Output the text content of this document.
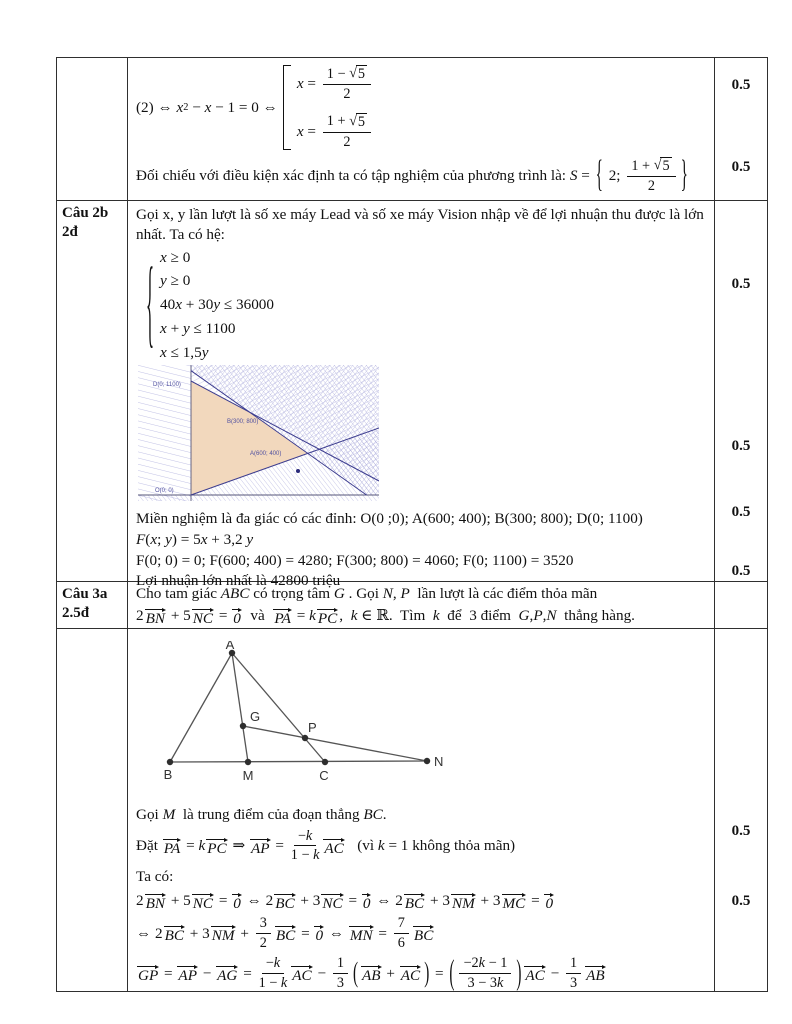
(2) ⇔ x 2 − x − 1 = 0 ⇔
$x = \frac{1 - √ 5}{2}$
$x = \frac{1 + √ 5}{2}$
Đối chiếu với điều kiện xác định ta có tập nghiệm của phương trình là: S = { 2; $\frac{1 + √ 5}{2}$ }
0.5
0.5
Câu 2b
2đ
Gọi x, y lần lượt là số xe máy Lead và số xe máy Vision nhập về để lợi nhuận thu được là lớn nhất. Ta có hệ:
{ x ≥ 0
y ≥ 0
40 x + 30 y ≤ 36000
x + y ≤ 1100
x ≤ 1,5 y
D(0; 1100)
B(300; 800)
A(600; 400)
O(0; 0)
Miền nghiệm là đa giác có các đỉnh: O(0 ;0); A(600; 400); B(300; 800); D(0; 1100)
F ( x ; y ) = 5 x + 3,2 y
F(0; 0) = 0; F(600; 400) = 4280; F(300; 800) = 4060; F(0; 1100) = 3520
Lợi nhuận lớn nhất là 42800 triệu
0.5
0.5
0.5
0.5
Câu 3a
2.5đ
Cho tam giác ABC có trọng tâm G . Gọi N , P lần lượt là các điểm thỏa mãn
2 BN + 5 NC = 0 và PA = k PC , k ∈ ℝ.  Tìm k để  3 điểm G , P , N thẳng hàng.
A
B	M	C
N
G
P
Gọi M là trung điểm của đoạn thẳng BC .
Đặt PA = k PC ⇒ AP = $\frac{- k}{1 - k}$ AC (vì k = 1 không thỏa mãn)
Ta có:
2 BN + 5 NC = 0 ⇔ 2 BC + 3 NC = 0 ⇔ 2 BC + 3 NM + 3 MC = 0
⇔ 2 BC + 3 NM + $\frac{3}{2}$ BC = 0 ⇔ MN = $\frac{7}{6}$ BC
GP = AP − AG = $\frac{- k}{1 - k}$ AC − $\frac{1}{3}$ ( AB + AC ) = ( $\frac{-2 k - 1}{3 - 3 k}$ ) AC − $\frac{1}{3}$ AB
0.5
0.5
